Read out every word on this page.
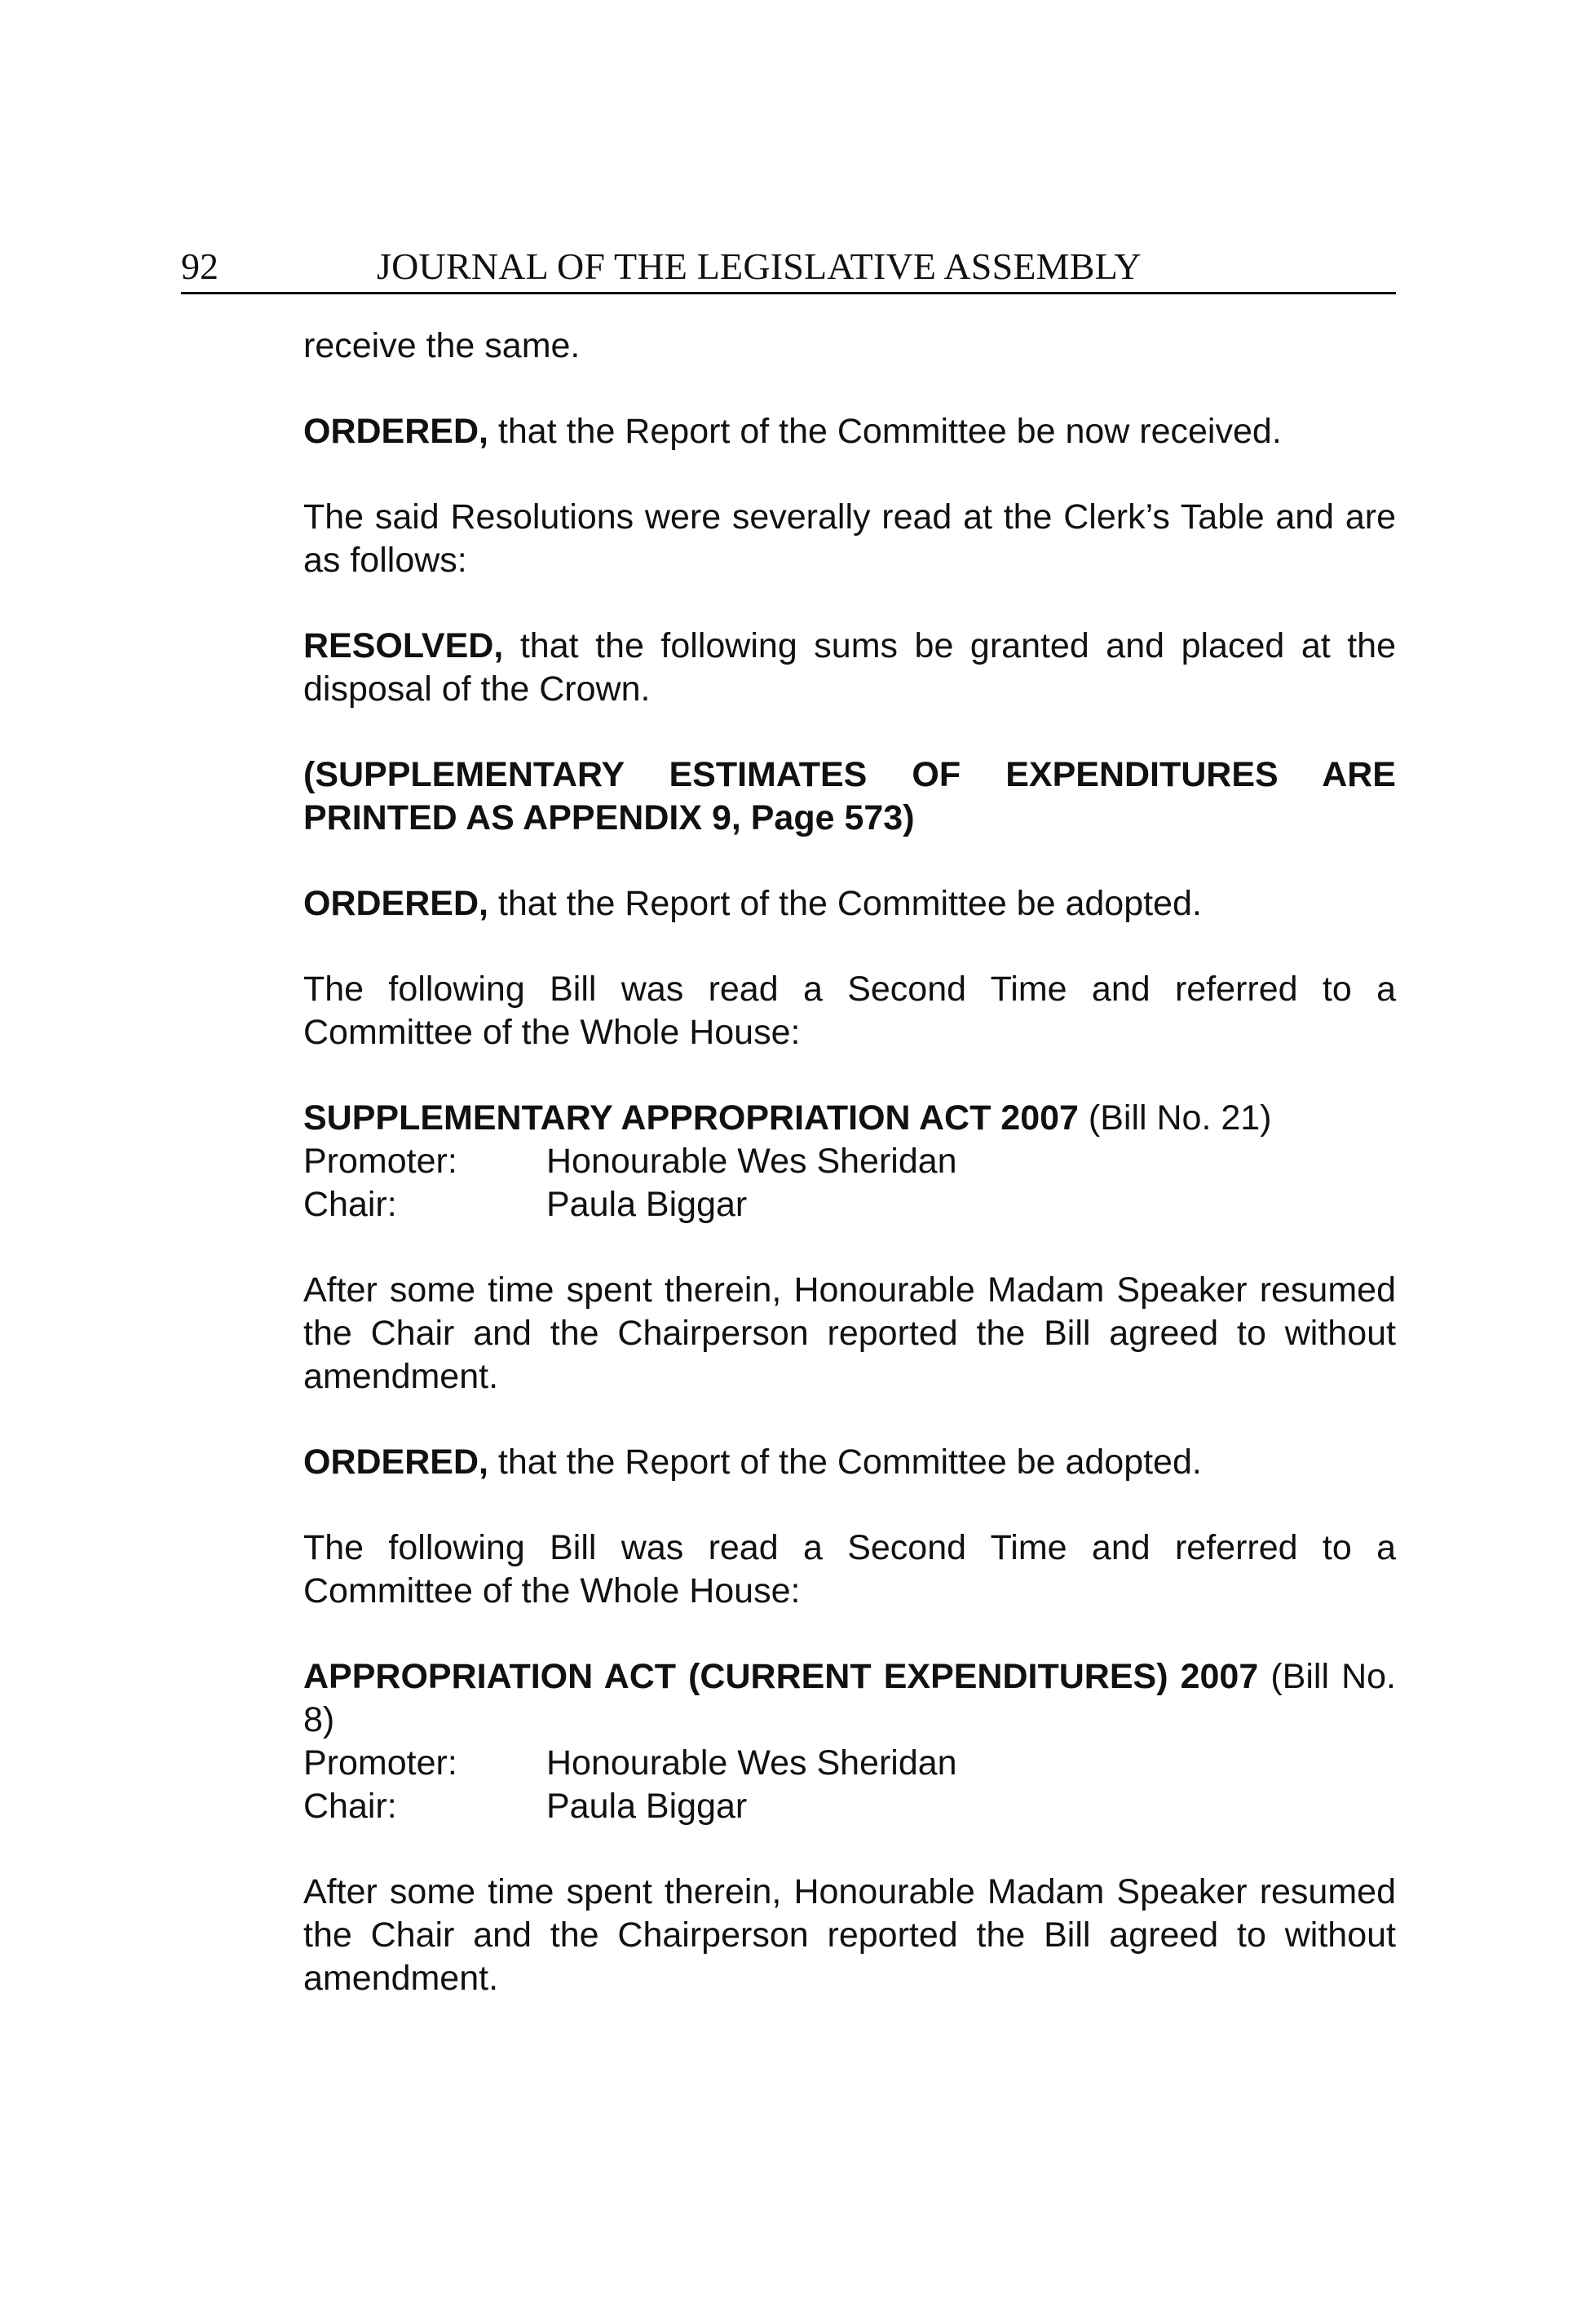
92	JOURNAL OF THE LEGISLATIVE ASSEMBLY

receive the same.

ORDERED, that the Report of the Committee be now received.

The said Resolutions were severally read at the Clerk’s Table and are as follows:

RESOLVED, that the following sums be granted and placed at the disposal of the Crown.

(SUPPLEMENTARY ESTIMATES OF EXPENDITURES ARE
PRINTED AS APPENDIX 9, Page 573)

ORDERED, that the Report of the Committee be adopted.

The following Bill was read a Second Time and referred to a Committee of the Whole House:

SUPPLEMENTARY APPROPRIATION ACT 2007 (Bill No. 21)
Promoter:	Honourable Wes Sheridan
Chair:	Paula Biggar

After some time spent therein, Honourable Madam Speaker resumed the Chair and the Chairperson reported the Bill agreed to without amendment.

ORDERED, that the Report of the Committee be adopted.

The following Bill was read a Second Time and referred to a Committee of the Whole House:

APPROPRIATION ACT (CURRENT EXPENDITURES) 2007 (Bill No. 8)
Promoter:	Honourable Wes Sheridan
Chair:	Paula Biggar

After some time spent therein, Honourable Madam Speaker resumed the Chair and the Chairperson reported the Bill agreed to without amendment.
